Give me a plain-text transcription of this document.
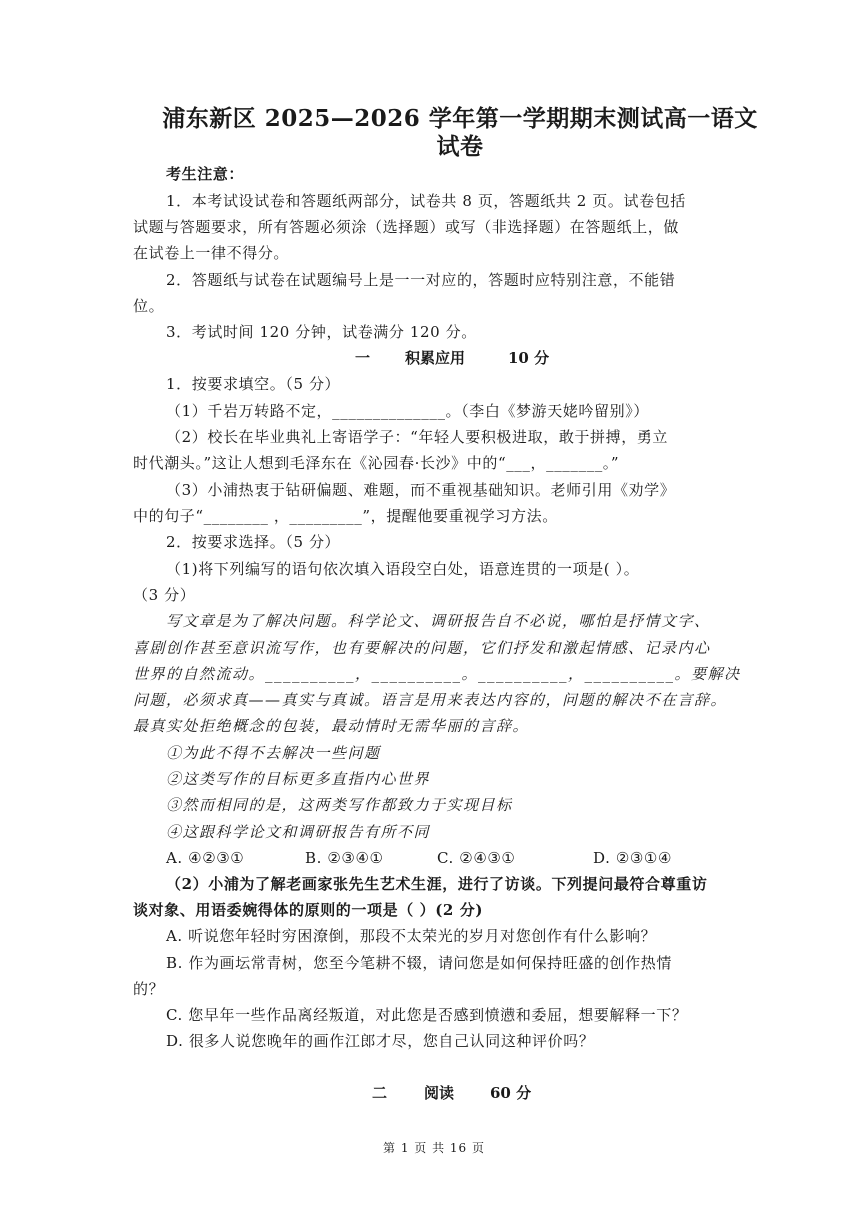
浦东新区 2025—2026 学年第一学期期末测试高一语文
试卷
考生注意：
1．本考试设试卷和答题纸两部分，试卷共 8 页，答题纸共 2 页。试卷包括
试题与答题要求，所有答题必须涂（选择题）或写（非选择题）在答题纸上，做
在试卷上一律不得分。
2．答题纸与试卷在试题编号上是一一对应的，答题时应特别注意，不能错
位。
3．考试时间 120 分钟，试卷满分 120 分。
一 积累应用	10 分
1．按要求填空。（5 分）
（1）千岩万转路不定，______________。（李白《梦游天姥吟留别》）
（2）校长在毕业典礼上寄语学子：“年轻人要积极进取，敢于拼搏，勇立
时代潮头。”这让人想到毛泽东在《沁园春·长沙》中的“___，_______。”
（3）小浦热衷于钻研偏题、难题，而不重视基础知识。老师引用《劝学》
中的句子“________ ，_________”，提醒他要重视学习方法。
2．按要求选择。（5 分）
（1)将下列编写的语句依次填入语段空白处，语意连贯的一项是( ）。
（3 分）
写文章是为了解决问题。科学论文、调研报告自不必说，哪怕是抒情文字、
喜剧创作甚至意识流写作，也有要解决的问题，它们抒发和激起情感、记录内心
世界的自然流动。__________，__________。__________，__________。要解决
问题，必须求真——真实与真诚。语言是用来表达内容的，问题的解决不在言辞。
最真实处拒绝概念的包装，最动情时无需华丽的言辞。
①为此不得不去解决一些问题
②这类写作的目标更多直指内心世界
③然而相同的是，这两类写作都致力于实现目标
④这跟科学论文和调研报告有所不同
A. ④②③①	B. ②③④①	C. ②④③①	D. ②③①④
（2）小浦为了解老画家张先生艺术生涯，进行了访谈。下列提问最符合尊重访
谈对象、用语委婉得体的原则的一项是（ ）(2 分)
A. 听说您年轻时穷困潦倒，那段不太荣光的岁月对您创作有什么影响？
B. 作为画坛常青树，您至今笔耕不辍，请问您是如何保持旺盛的创作热情
的？
C. 您早年一些作品离经叛道，对此您是否感到愤懑和委屈，想要解释一下？
D. 很多人说您晚年的画作江郎才尽，您自己认同这种评价吗？
二 阅读 60 分
第 1 页 共 16 页
